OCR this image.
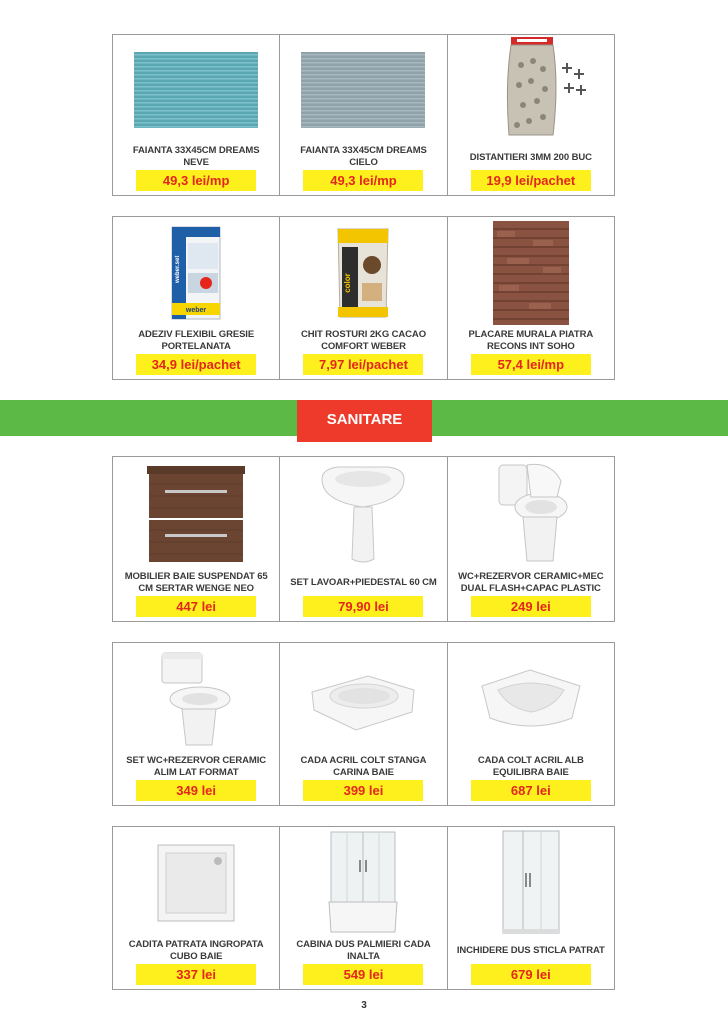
FAIANTA 33X45CM DREAMS NEVE
49,3 lei/mp
FAIANTA 33X45CM DREAMS CIELO
49,3 lei/mp
DISTANTIERI 3MM 200 BUC
19,9 lei/pachet
weber
weber.set
ADEZIV FLEXIBIL GRESIE PORTELANATA
34,9 lei/pachet
color
CHIT ROSTURI 2KG CACAO COMFORT WEBER
7,97 lei/pachet
PLACARE MURALA PIATRA RECONS INT SOHO
57,4 lei/mp
SANITARE
MOBILIER BAIE SUSPENDAT 65 CM SERTAR WENGE NEO
447 lei
SET LAVOAR+PIEDESTAL 60 CM
79,90 lei
WC+REZERVOR CERAMIC+MEC DUAL FLASH+CAPAC PLASTIC
249 lei
SET WC+REZERVOR CERAMIC ALIM LAT FORMAT
349 lei
CADA ACRIL COLT STANGA CARINA BAIE
399 lei
CADA COLT ACRIL ALB EQUILIBRA BAIE
687 lei
CADITA PATRATA INGROPATA CUBO BAIE
337 lei
CABINA DUS PALMIERI CADA INALTA
549 lei
INCHIDERE DUS STICLA PATRAT
679 lei
3
